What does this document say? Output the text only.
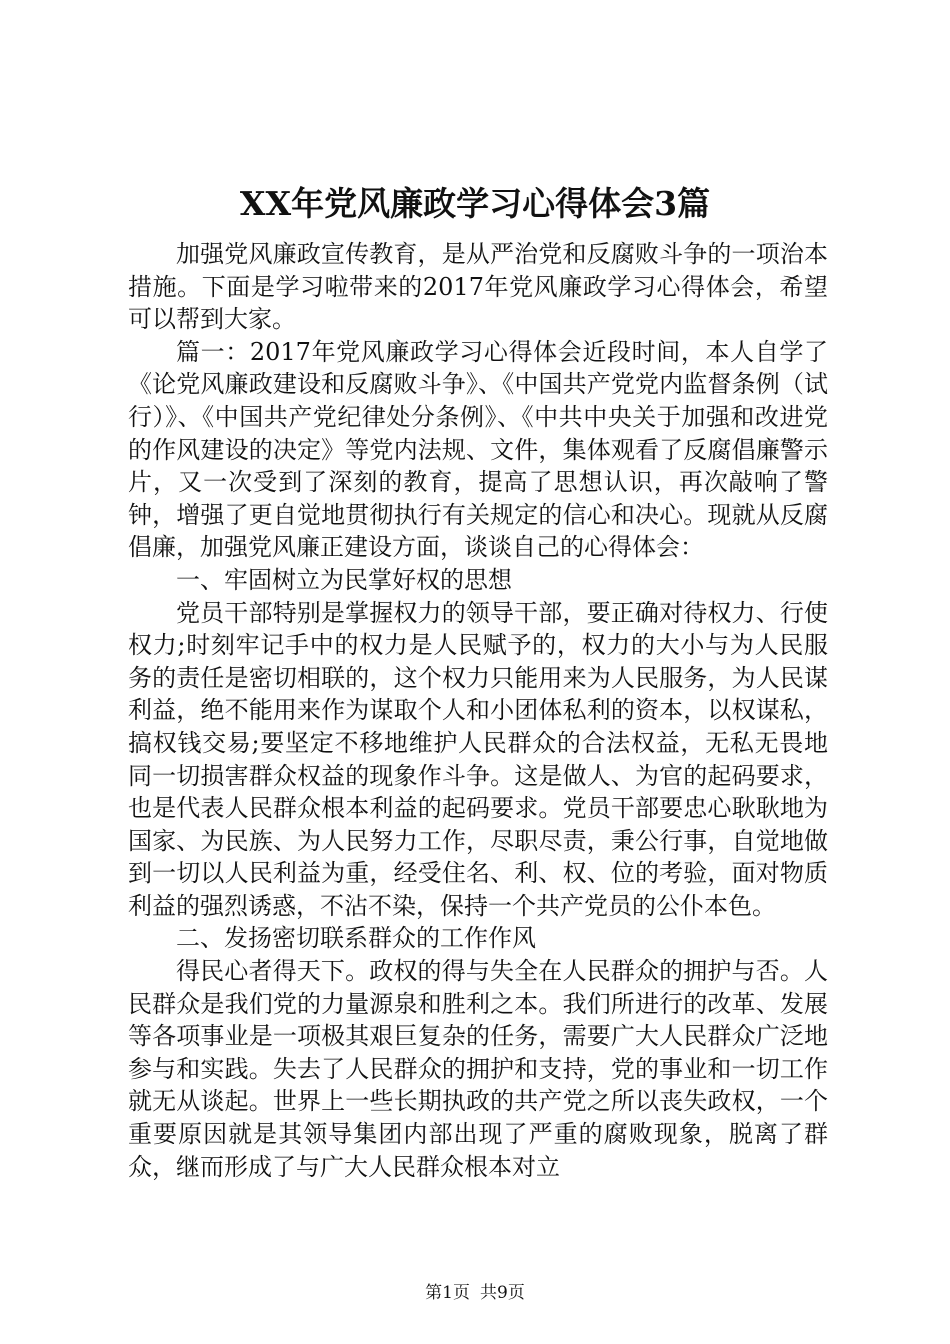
XX年党风廉政学习心得体会3篇

加强党风廉政宣传教育，是从严治党和反腐败斗争的一项治本措施。下面是学习啦带来的2017年党风廉政学习心得体会，希望可以帮到大家。

篇一：2017年党风廉政学习心得体会近段时间，本人自学了《论党风廉政建设和反腐败斗争》、《中国共产党党内监督条例（试行）》、《中国共产党纪律处分条例》、《中共中央关于加强和改进党的作风建设的决定》等党内法规、文件，集体观看了反腐倡廉警示片，又一次受到了深刻的教育，提高了思想认识，再次敲响了警钟，增强了更自觉地贯彻执行有关规定的信心和决心。现就从反腐倡廉，加强党风廉正建设方面，谈谈自己的心得体会：

一、牢固树立为民掌好权的思想

党员干部特别是掌握权力的领导干部，要正确对待权力、行使权力;时刻牢记手中的权力是人民赋予的，权力的大小与为人民服务的责任是密切相联的，这个权力只能用来为人民服务，为人民谋利益，绝不能用来作为谋取个人和小团体私利的资本，以权谋私，搞权钱交易;要坚定不移地维护人民群众的合法权益，无私无畏地同一切损害群众权益的现象作斗争。这是做人、为官的起码要求，也是代表人民群众根本利益的起码要求。党员干部要忠心耿耿地为国家、为民族、为人民努力工作，尽职尽责，秉公行事，自觉地做到一切以人民利益为重，经受住名、利、权、位的考验，面对物质利益的强烈诱惑，不沾不染，保持一个共产党员的公仆本色。

二、发扬密切联系群众的工作作风

得民心者得天下。政权的得与失全在人民群众的拥护与否。人民群众是我们党的力量源泉和胜利之本。我们所进行的改革、发展等各项事业是一项极其艰巨复杂的任务，需要广大人民群众广泛地参与和实践。失去了人民群众的拥护和支持，党的事业和一切工作就无从谈起。世界上一些长期执政的共产党之所以丧失政权，一个重要原因就是其领导集团内部出现了严重的腐败现象，脱离了群众，继而形成了与广大人民群众根本对立

第1页 共9页
